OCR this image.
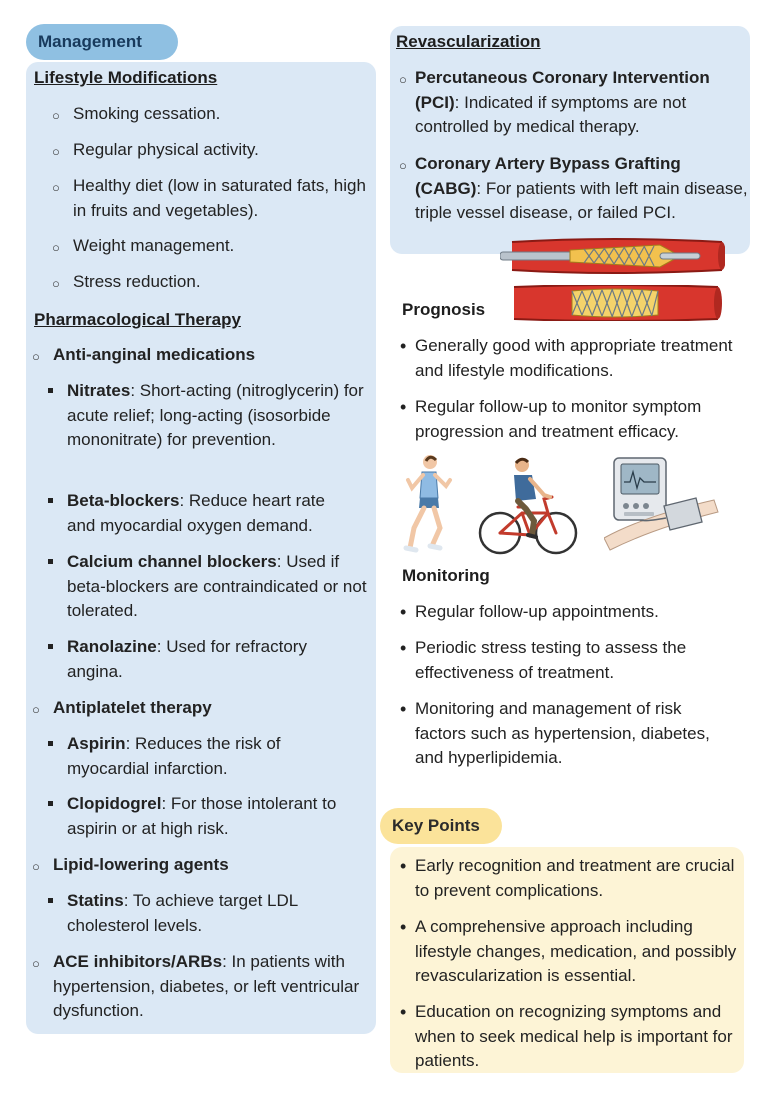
Management
Key Points
Lifestyle Modifications
○ Smoking cessation.
○ Regular physical activity.
○ Healthy diet (low in saturated fats, high in fruits and vegetables).
○ Weight management.
○ Stress reduction.
Pharmacological Therapy
○ Anti-anginal medications
Nitrates: Short-acting (nitroglycerin) for acute relief; long-acting (isosorbide mononitrate) for prevention.
Beta-blockers: Reduce heart rate and myocardial oxygen demand.
Calcium channel blockers: Used if beta-blockers are contraindicated or not tolerated.
Ranolazine: Used for refractory angina.
○ Antiplatelet therapy
Aspirin: Reduces the risk of myocardial infarction.
Clopidogrel: For those intolerant to aspirin or at high risk.
○ Lipid-lowering agents
Statins: To achieve target LDL cholesterol levels.
○ ACE inhibitors/ARBs: In patients with hypertension, diabetes, or left ventricular dysfunction.
Revascularization
○ Percutaneous Coronary Intervention (PCI): Indicated if symptoms are not controlled by medical therapy.
○ Coronary Artery Bypass Grafting (CABG): For patients with left main disease, triple vessel disease, or failed PCI.
Prognosis
• Generally good with appropriate treatment and lifestyle modifications.
• Regular follow-up to monitor symptom progression and treatment efficacy.
Monitoring
• Regular follow-up appointments.
• Periodic stress testing to assess the effectiveness of treatment.
• Monitoring and management of risk factors such as hypertension, diabetes, and hyperlipidemia.
• Early recognition and treatment are crucial to prevent complications.
• A comprehensive approach including lifestyle changes, medication, and possibly revascularization is essential.
• Education on recognizing symptoms and when to seek medical help is important for patients.
